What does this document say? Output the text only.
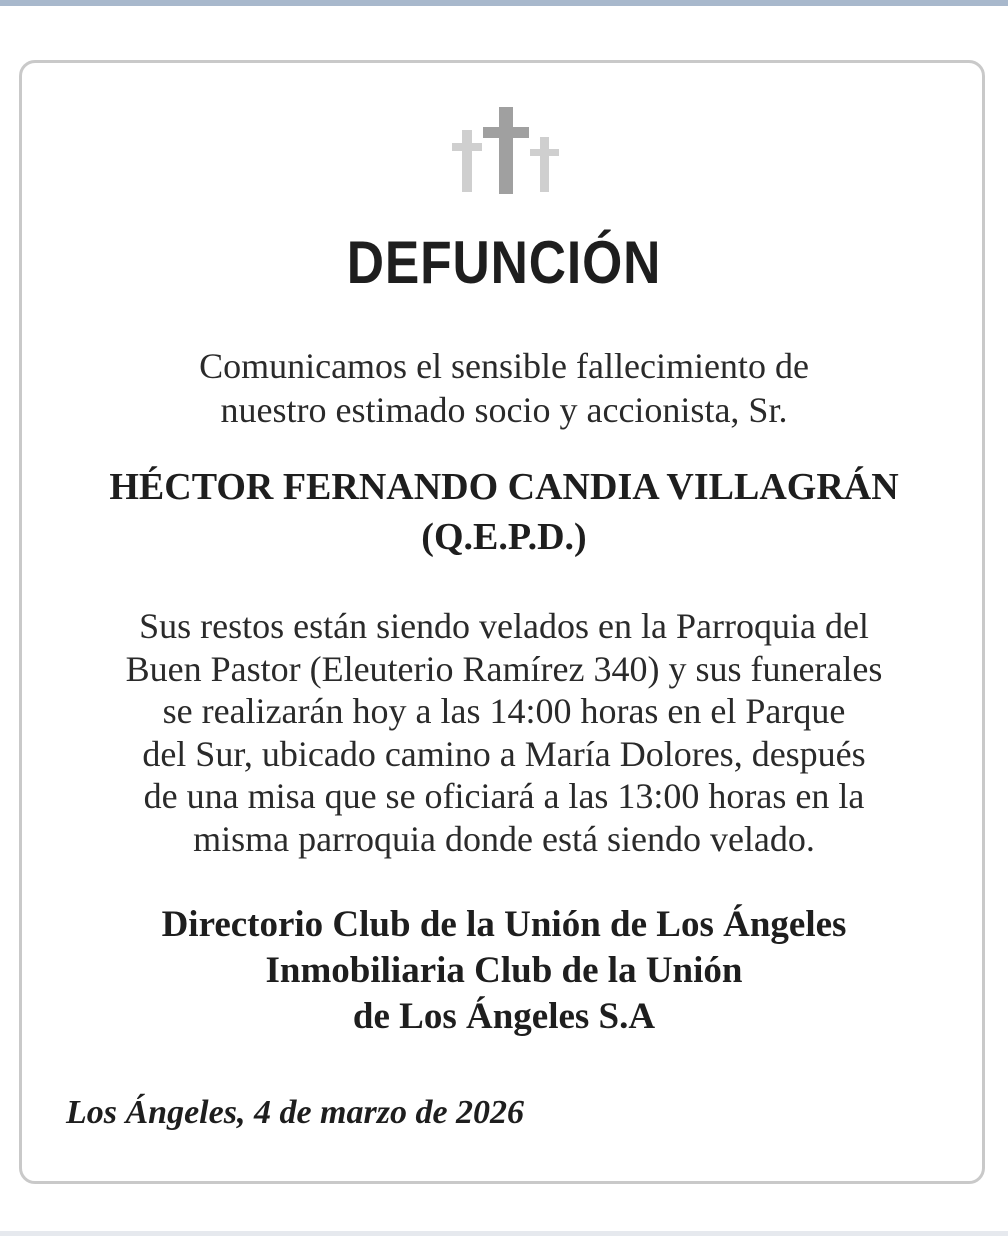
DEFUNCIÓN
Comunicamos el sensible fallecimiento de
nuestro estimado socio y accionista, Sr.
HÉCTOR FERNANDO CANDIA VILLAGRÁN
(Q.E.P.D.)
Sus restos están siendo velados en la Parroquia del
Buen Pastor (Eleuterio Ramírez 340) y sus funerales
se realizarán hoy a las 14:00 horas en el Parque
del Sur, ubicado camino a María Dolores, después
de una misa que se oficiará a las 13:00 horas en la
misma parroquia donde está siendo velado.
Directorio Club de la Unión de Los Ángeles
Inmobiliaria Club de la Unión
de Los Ángeles S.A
Los Ángeles, 4 de marzo de 2026
